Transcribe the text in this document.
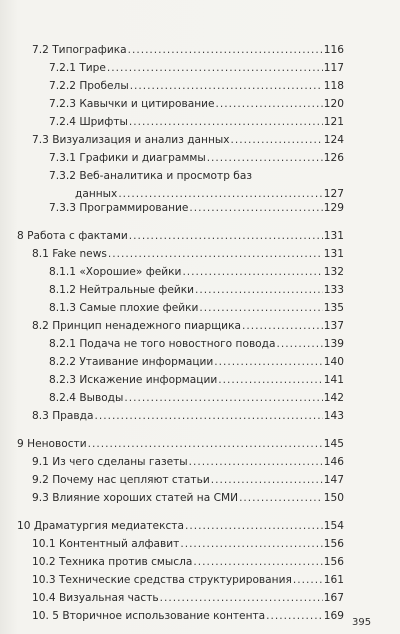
395
7.2 Типографика .....	116
7.2.1 Тире .....	117
7.2.2 Пробелы .....	118
7.2.3 Кавычки и цитирование .....	120
7.2.4 Шрифты .....	121
7.3 Визуализация и анализ данных .....	124
7.3.1 Графики и диаграммы .....	126
7.3.2 Веб-аналитика и просмотр баз
данных .....	127
7.3.3 Программирование .....	129
8 Работа с фактами .....	131
8.1 Fake news .....	131
8.1.1 «Хорошие» фейки .....	132
8.1.2 Нейтральные фейки .....	133
8.1.3 Самые плохие фейки .....	135
8.2 Принцип ненадежного пиарщика .....	137
8.2.1 Подача не того новостного повода .....	139
8.2.2 Утаивание информации .....	140
8.2.3 Искажение информации .....	141
8.2.4 Выводы .....	142
8.3 Правда .....	143
9 Неновости .....	145
9.1 Из чего сделаны газеты .....	146
9.2 Почему нас цепляют статьи .....	147
9.3 Влияние хороших статей на СМИ .....	150
10 Драматургия медиатекста .....	154
10.1 Контентный алфавит .....	156
10.2 Техника против смысла .....	156
10.3 Технические средства структурирования .....	161
10.4 Визуальная часть .....	167
10. 5 Вторичное использование контента .....	169
